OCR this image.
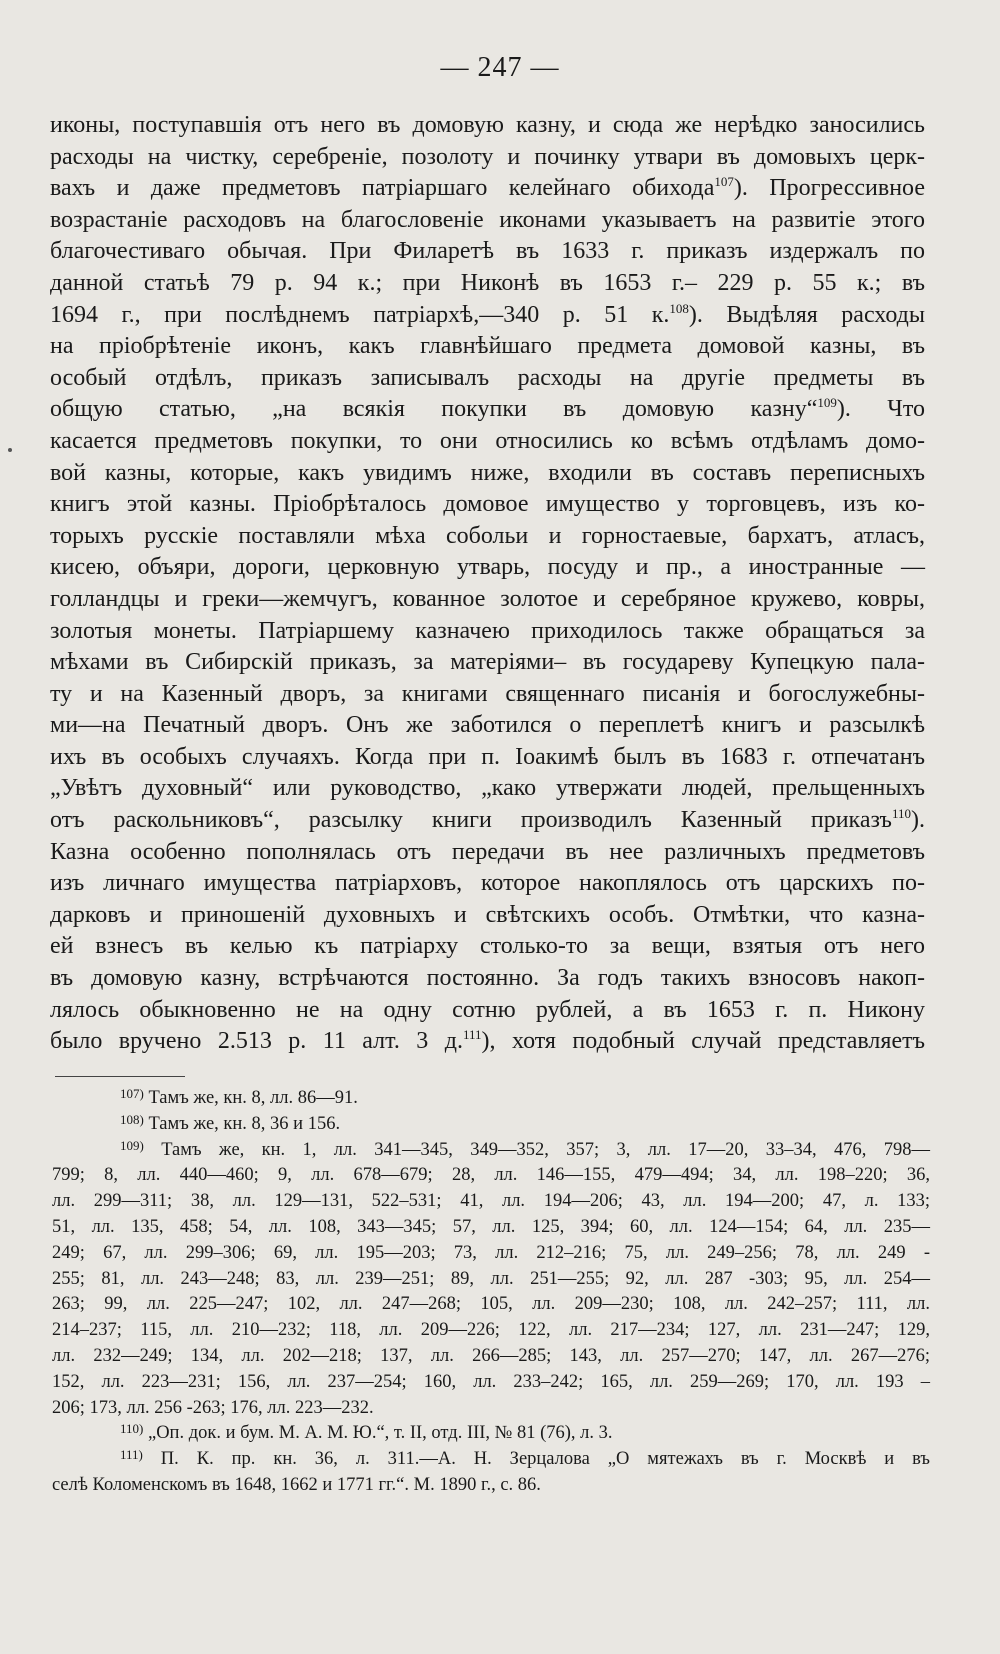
— 247 —
иконы, поступавшія отъ него въ домовую казну, и сюда же нерѣдко заносились
расходы на чистку, серебреніе, позолоту и починку утвари въ домовыхъ церк-
вахъ и даже предметовъ патріаршаго келейнаго обихода$^{107}$). Прогрессивное
возрастаніе расходовъ на благословеніе иконами указываетъ на развитіе этого
благочестиваго обычая. При Филаретѣ въ 1633 г. приказъ издержалъ по
данной статьѣ 79 р. 94 к.; при Никонѣ въ 1653 г.– 229 р. 55 к.; въ
1694 г., при послѣднемъ патріархѣ,—340 р. 51 к.$^{108}$). Выдѣляя расходы
на пріобрѣтеніе иконъ, какъ главнѣйшаго предмета домовой казны, въ
особый отдѣлъ, приказъ записывалъ расходы на другіе предметы въ
общую статью, „на всякія покупки въ домовую казну“$^{109}$). Что
касается предметовъ покупки, то они относились ко всѣмъ отдѣламъ домо-
вой казны, которые, какъ увидимъ ниже, входили въ составъ переписныхъ
книгъ этой казны. Пріобрѣталось домовое имущество у торговцевъ, изъ ко-
торыхъ русскіе поставляли мѣха собольи и горностаевые, бархатъ, атласъ,
кисею, объяри, дороги, церковную утварь, посуду и пр., а иностранные —
голландцы и греки—жемчугъ, кованное золотое и серебряное кружево, ковры,
золотыя монеты. Патріаршему казначею приходилось также обращаться за
мѣхами въ Сибирскій приказъ, за матеріями– въ государеву Купецкую пала-
ту и на Казенный дворъ, за книгами священнаго писанія и богослужебны-
ми—на Печатный дворъ. Онъ же заботился о переплетѣ книгъ и разсылкѣ
ихъ въ особыхъ случаяхъ. Когда при п. Іоакимѣ былъ въ 1683 г. отпечатанъ
„Увѣтъ духовный“ или руководство, „како утвержати людей, прельщенныхъ
отъ раскольниковъ“, разсылку книги производилъ Казенный приказъ$^{110}$).
Казна особенно пополнялась отъ передачи въ нее различныхъ предметовъ
изъ личнаго имущества патріарховъ, которое накоплялось отъ царскихъ по-
дарковъ и приношеній духовныхъ и свѣтскихъ особъ. Отмѣтки, что казна-
ей взнесъ въ келью къ патріарху столько-то за вещи, взятыя отъ него
въ домовую казну, встрѣчаются постоянно. За годъ такихъ взносовъ накоп-
лялось обыкновенно не на одну сотню рублей, а въ 1653 г. п. Никону
было вручено 2.513 р. 11 алт. 3 д.$^{111}$), хотя подобный случай представляетъ
$^{107)}$ Тамъ же, кн. 8, лл. 86—91.
$^{108)}$ Тамъ же, кн. 8, 36 и 156.
$^{109)}$ Тамъ же, кн. 1, лл. 341—345, 349—352, 357; 3, лл. 17—20, 33–34, 476, 798—
799; 8, лл. 440—460; 9, лл. 678—679; 28, лл. 146—155, 479—494; 34, лл. 198–220; 36,
лл. 299—311; 38, лл. 129—131, 522–531; 41, лл. 194—206; 43, лл. 194—200; 47, л. 133;
51, лл. 135, 458; 54, лл. 108, 343—345; 57, лл. 125, 394; 60, лл. 124—154; 64, лл. 235—
249; 67, лл. 299–306; 69, лл. 195—203; 73, лл. 212–216; 75, лл. 249–256; 78, лл. 249 -
255; 81, лл. 243—248; 83, лл. 239—251; 89, лл. 251—255; 92, лл. 287 -303; 95, лл. 254—
263; 99, лл. 225—247; 102, лл. 247—268; 105, лл. 209—230; 108, лл. 242–257; 111, лл.
214–237; 115, лл. 210—232; 118, лл. 209—226; 122, лл. 217—234; 127, лл. 231—247; 129,
лл. 232—249; 134, лл. 202—218; 137, лл. 266—285; 143, лл. 257—270; 147, лл. 267—276;
152, лл. 223—231; 156, лл. 237—254; 160, лл. 233–242; 165, лл. 259—269; 170, лл. 193 –
206; 173, лл. 256 -263; 176, лл. 223—232.
$^{110)}$ „Оп. док. и бум. М. А. М. Ю.“, т. II, отд. III, № 81 (76), л. 3.
$^{111)}$ П. К. пр. кн. 36, л. 311.—А. Н. Зерцалова „О мятежахъ въ г. Москвѣ и въ
селѣ Коломенскомъ въ 1648, 1662 и 1771 гг.“. М. 1890 г., с. 86.
